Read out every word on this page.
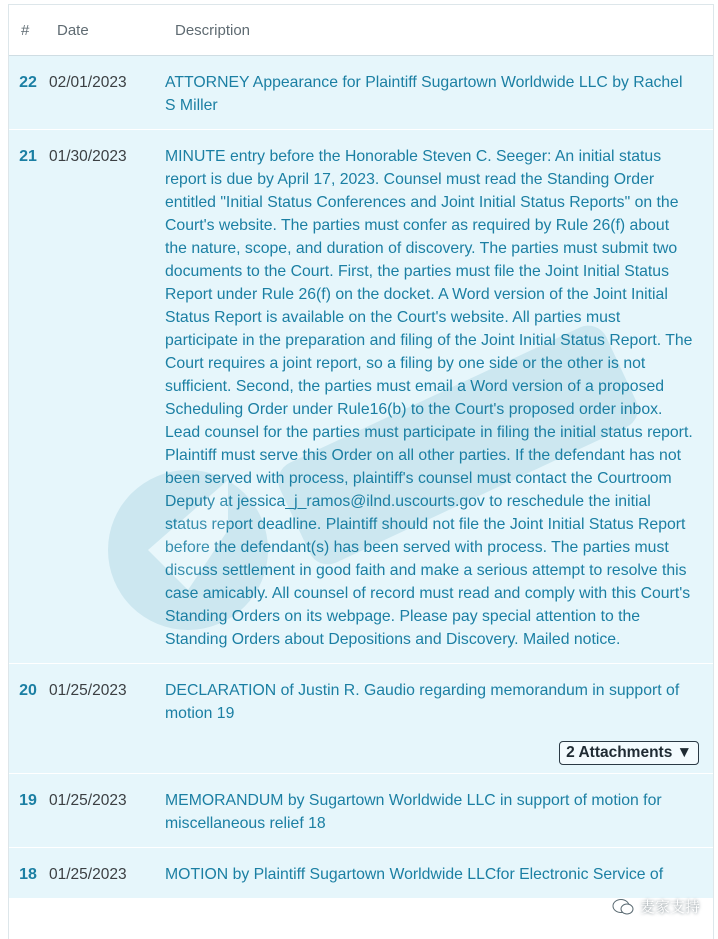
#	Date	Description
22 02/01/2023	ATTORNEY Appearance for Plaintiff Sugartown Worldwide LLC by Rachel S Miller
21 01/30/2023	MINUTE entry before the Honorable Steven C. Seeger: An initial status report is due by April 17, 2023. Counsel must read the Standing Order entitled "Initial Status Conferences and Joint Initial Status Reports" on the Court's website. The parties must confer as required by Rule 26(f) about the nature, scope, and duration of discovery. The parties must submit two documents to the Court. First, the parties must file the Joint Initial Status Report under Rule 26(f) on the docket. A Word version of the Joint Initial Status Report is available on the Court's website. All parties must participate in the preparation and filing of the Joint Initial Status Report. The Court requires a joint report, so a filing by one side or the other is not sufficient. Second, the parties must email a Word version of a proposed Scheduling Order under Rule16(b) to the Court's proposed order inbox. Lead counsel for the parties must participate in filing the initial status report. Plaintiff must serve this Order on all other parties. If the defendant has not been served with process, plaintiff's counsel must contact the Courtroom Deputy at jessica_j_ramos@ilnd.uscourts.gov to reschedule the initial status report deadline. Plaintiff should not file the Joint Initial Status Report before the defendant(s) has been served with process. The parties must discuss settlement in good faith and make a serious attempt to resolve this case amicably. All counsel of record must read and comply with this Court's Standing Orders on its webpage. Please pay special attention to the Standing Orders about Depositions and Discovery. Mailed notice.
20 01/25/2023	DECLARATION of Justin R. Gaudio regarding memorandum in support of motion 19
2 Attachments ▼
19 01/25/2023	MEMORANDUM by Sugartown Worldwide LLC in support of motion for miscellaneous relief 18
18 01/25/2023	MOTION by Plaintiff Sugartown Worldwide LLCfor Electronic Service of
麦家支持
